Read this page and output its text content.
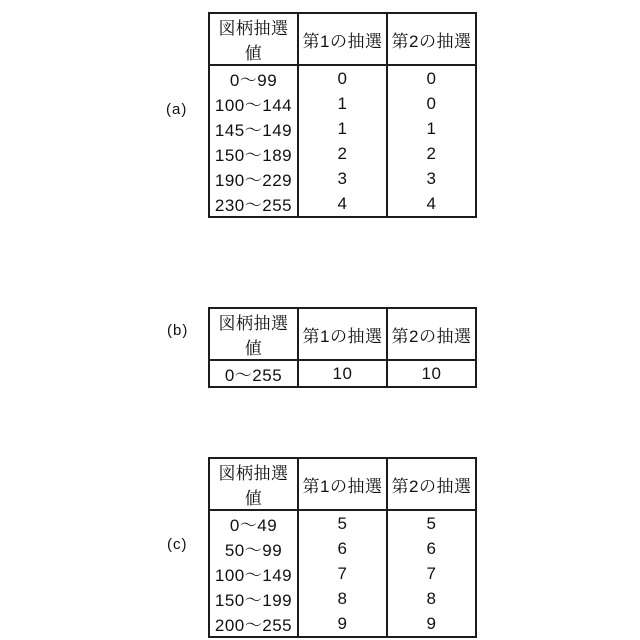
(a)
図柄抽選値	第1の抽選	第2の抽選
0〜99	0	0
100〜144	1	0
145〜149	1	1
150〜189	2	2
190〜229	3	3
230〜255	4	4
(b) 図柄抽選値	第1の抽選	第2の抽選
0〜255	10	10
(c)
図柄抽選値	第1の抽選	第2の抽選
0〜49	5	5
50〜99	6	6
100〜149	7	7
150〜199	8	8
200〜255	9	9
